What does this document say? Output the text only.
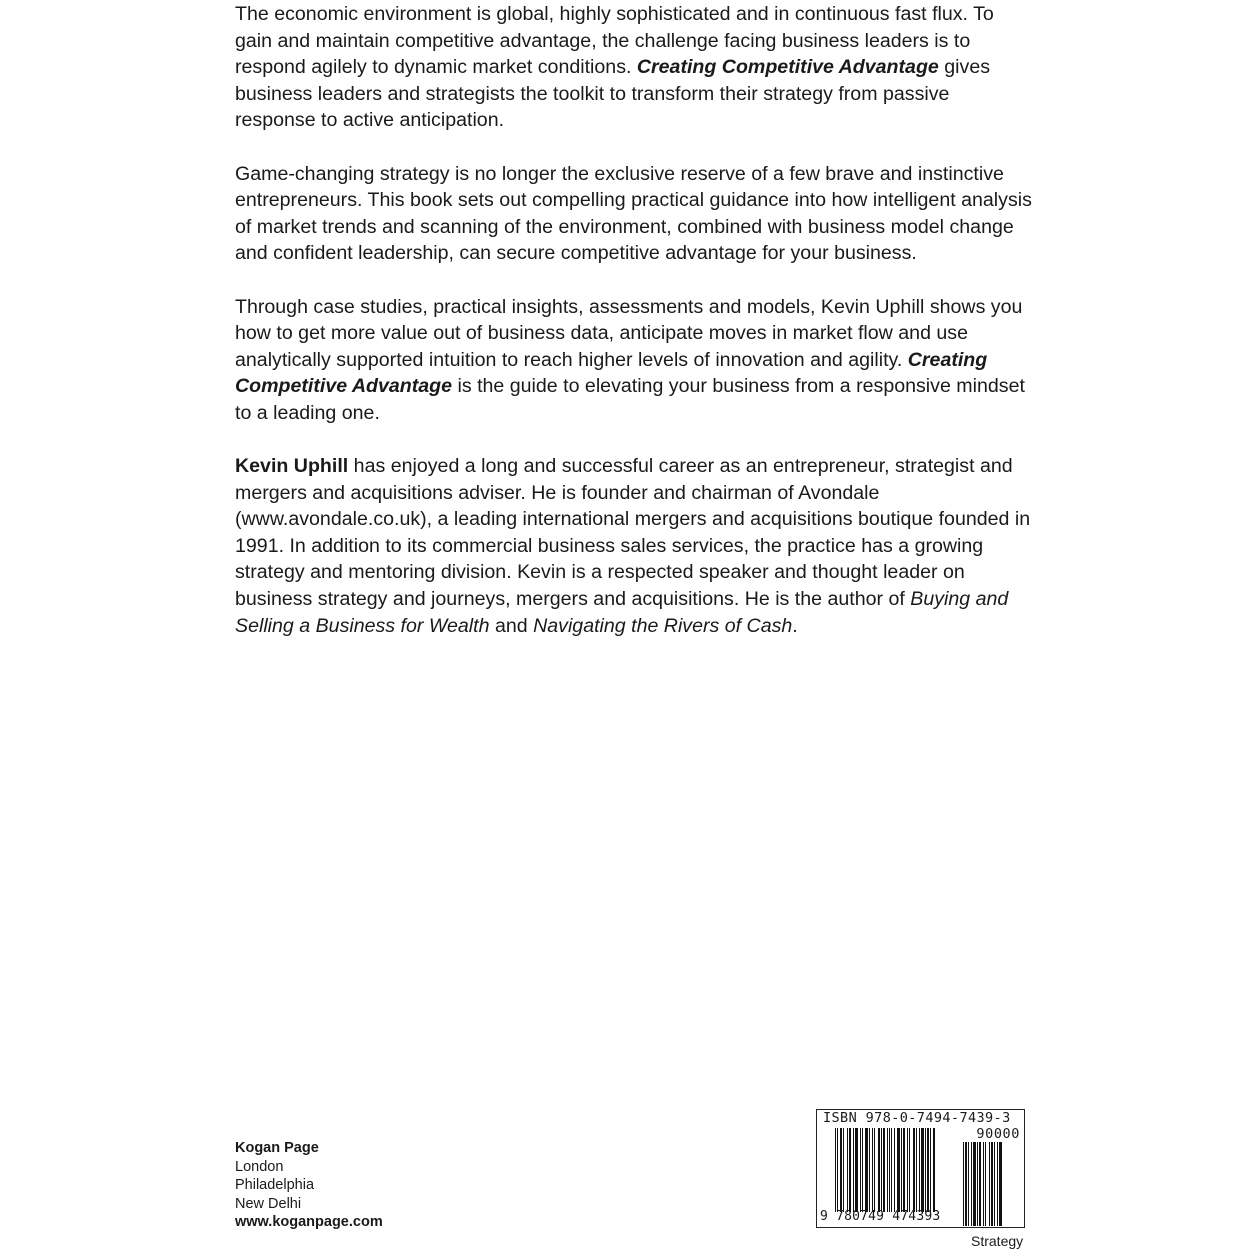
The economic environment is global, highly sophisticated and in continuous fast flux. To gain and maintain competitive advantage, the challenge facing business leaders is to respond agilely to dynamic market conditions. Creating Competitive Advantage gives business leaders and strategists the toolkit to transform their strategy from passive response to active anticipation.

Game-changing strategy is no longer the exclusive reserve of a few brave and instinctive entrepreneurs. This book sets out compelling practical guidance into how intelligent analysis of market trends and scanning of the environment, combined with business model change and confident leadership, can secure competitive advantage for your business.

Through case studies, practical insights, assessments and models, Kevin Uphill shows you how to get more value out of business data, anticipate moves in market flow and use analytically supported intuition to reach higher levels of innovation and agility. Creating Competitive Advantage is the guide to elevating your business from a responsive mindset to a leading one.

Kevin Uphill has enjoyed a long and successful career as an entrepreneur, strategist and mergers and acquisitions adviser. He is founder and chairman of Avondale (www.avondale.co.uk), a leading international mergers and acquisitions boutique founded in 1991. In addition to its commercial business sales services, the practice has a growing strategy and mentoring division. Kevin is a respected speaker and thought leader on business strategy and journeys, mergers and acquisitions. He is the author of Buying and Selling a Business for Wealth and Navigating the Rivers of Cash.

Kogan Page
London
Philadelphia
New Delhi
www.koganpage.com
ISBN 978-0-7494-7439-3
90000
9 780749 474393
Strategy
